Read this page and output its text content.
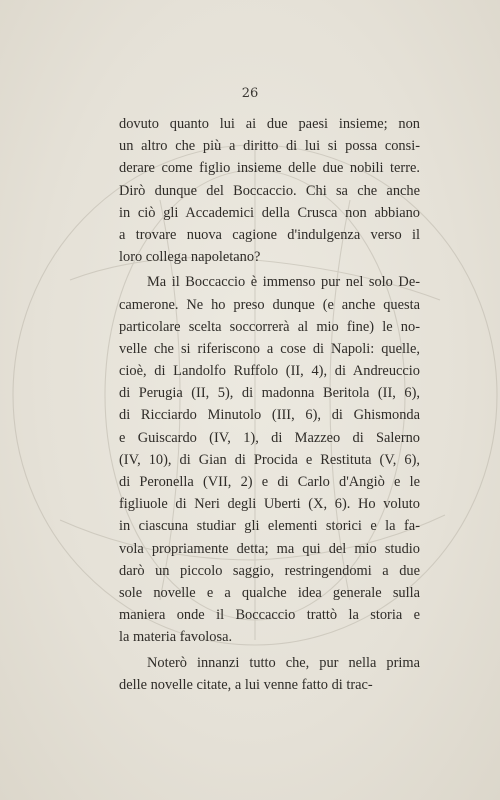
26
dovuto quanto lui ai due paesi insieme; non
un altro che più a diritto di lui si possa consi-
derare come figlio insieme delle due nobili terre.
Dirò dunque del Boccaccio. Chi sa che anche
in ciò gli Accademici della Crusca non abbiano
a trovare nuova cagione d'indulgenza verso il
loro collega napoletano?
Ma il Boccaccio è immenso pur nel solo De-
camerone. Ne ho preso dunque (e anche questa
particolare scelta soccorrerà al mio fine) le no-
velle che si riferiscono a cose di Napoli: quelle,
cioè, di Landolfo Ruffolo (II, 4), di Andreuccio
di Perugia (II, 5), di madonna Beritola (II, 6),
di Ricciardo Minutolo (III, 6), di Ghismonda
e Guiscardo (IV, 1), di Mazzeo di Salerno
(IV, 10), di Gian di Procida e Restituta (V, 6),
di Peronella (VII, 2) e di Carlo d'Angiò e le
figliuole di Neri degli Uberti (X, 6). Ho voluto
in ciascuna studiar gli elementi storici e la fa-
vola propriamente detta; ma qui del mio studio
darò un piccolo saggio, restringendomi a due
sole novelle e a qualche idea generale sulla
maniera onde il Boccaccio trattò la storia e
la materia favolosa.
Noterò innanzi tutto che, pur nella prima
delle novelle citate, a lui venne fatto di trac-
